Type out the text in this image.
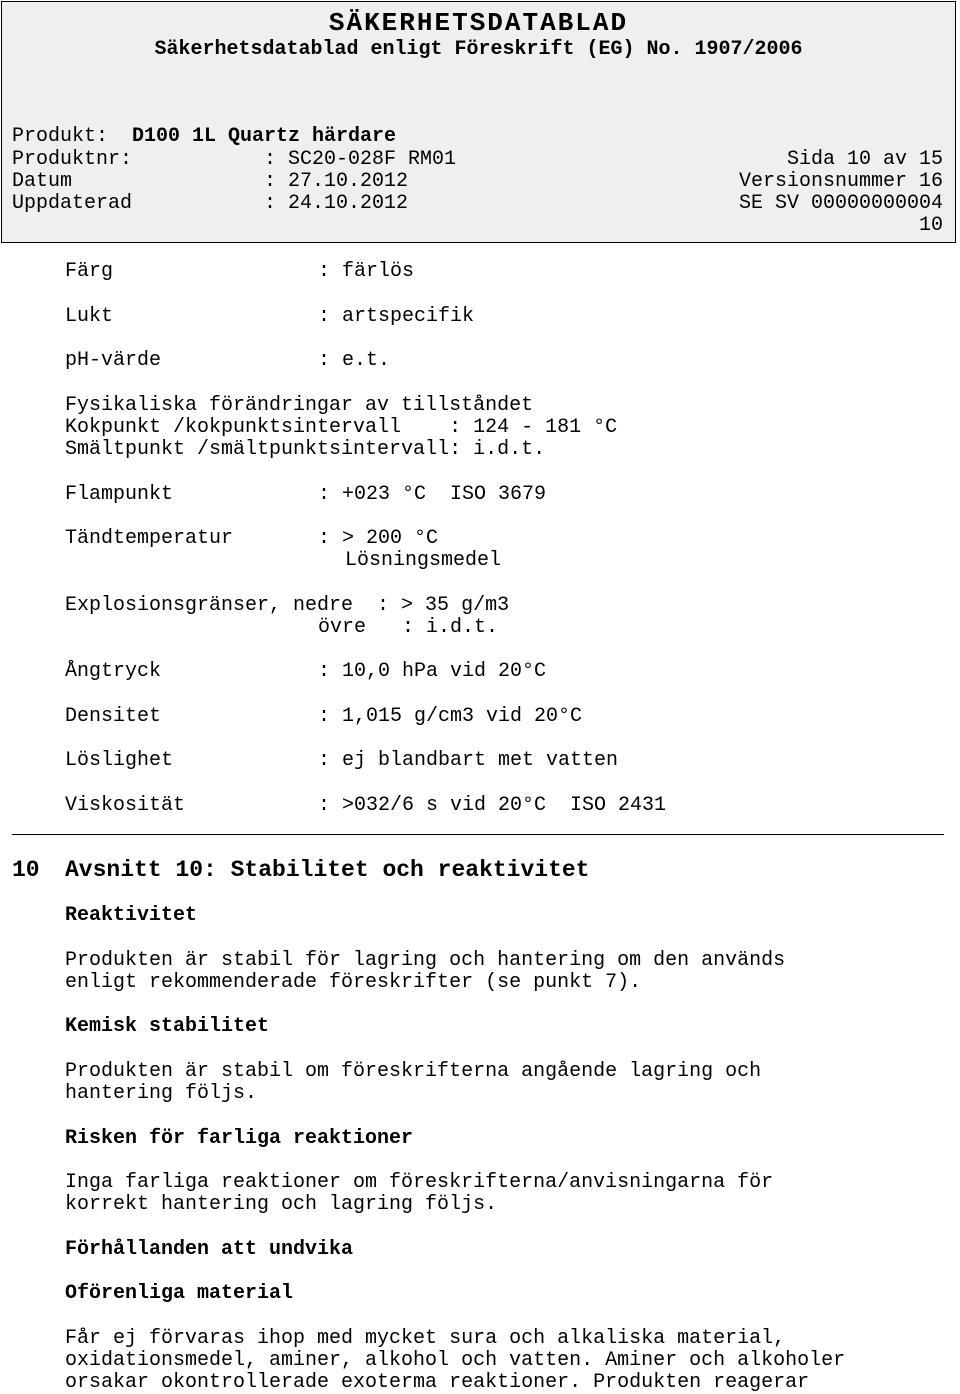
SÄKERHETSDATABLAD
Säkerhetsdatablad enligt Föreskrift (EG) No. 1907/2006
Produkt: D100 1L Quartz härdare
Produktnr:	: SC20-028F RM01
Datum	: 27.10.2012
Uppdaterad	: 24.10.2012
Sida 10 av 15
Versionsnummer 16
SE SV 00000000004
10
Färg	: färlös
Lukt	: artspecifik
pH-värde	: e.t.
Fysikaliska förändringar av tillståndet
Kokpunkt /kokpunktsintervall    : 124 - 181 °C
Smältpunkt /smältpunktsintervall: i.d.t.
Flampunkt	: +023 °C  ISO 3679
Tändtemperatur	: > 200 °C
Lösningsmedel
Explosionsgränser, nedre  : > 35 g/m3
övre   : i.d.t.
Ångtryck	: 10,0 hPa vid 20°C
Densitet	: 1,015 g/cm3 vid 20°C
Löslighet	: ej blandbart met vatten
Viskosität	: >032/6 s vid 20°C  ISO 2431
10 Avsnitt 10: Stabilitet och reaktivitet
Reaktivitet
Produkten är stabil för lagring och hantering om den används
enligt rekommenderade föreskrifter (se punkt 7).
Kemisk stabilitet
Produkten är stabil om föreskrifterna angående lagring och
hantering följs.
Risken för farliga reaktioner
Inga farliga reaktioner om föreskrifterna/anvisningarna för
korrekt hantering och lagring följs.
Förhållanden att undvika
Oförenliga material
Får ej förvaras ihop med mycket sura och alkaliska material,
oxidationsmedel, aminer, alkohol och vatten. Aminer och alkoholer
orsakar okontrollerade exoterma reaktioner. Produkten reagerar
